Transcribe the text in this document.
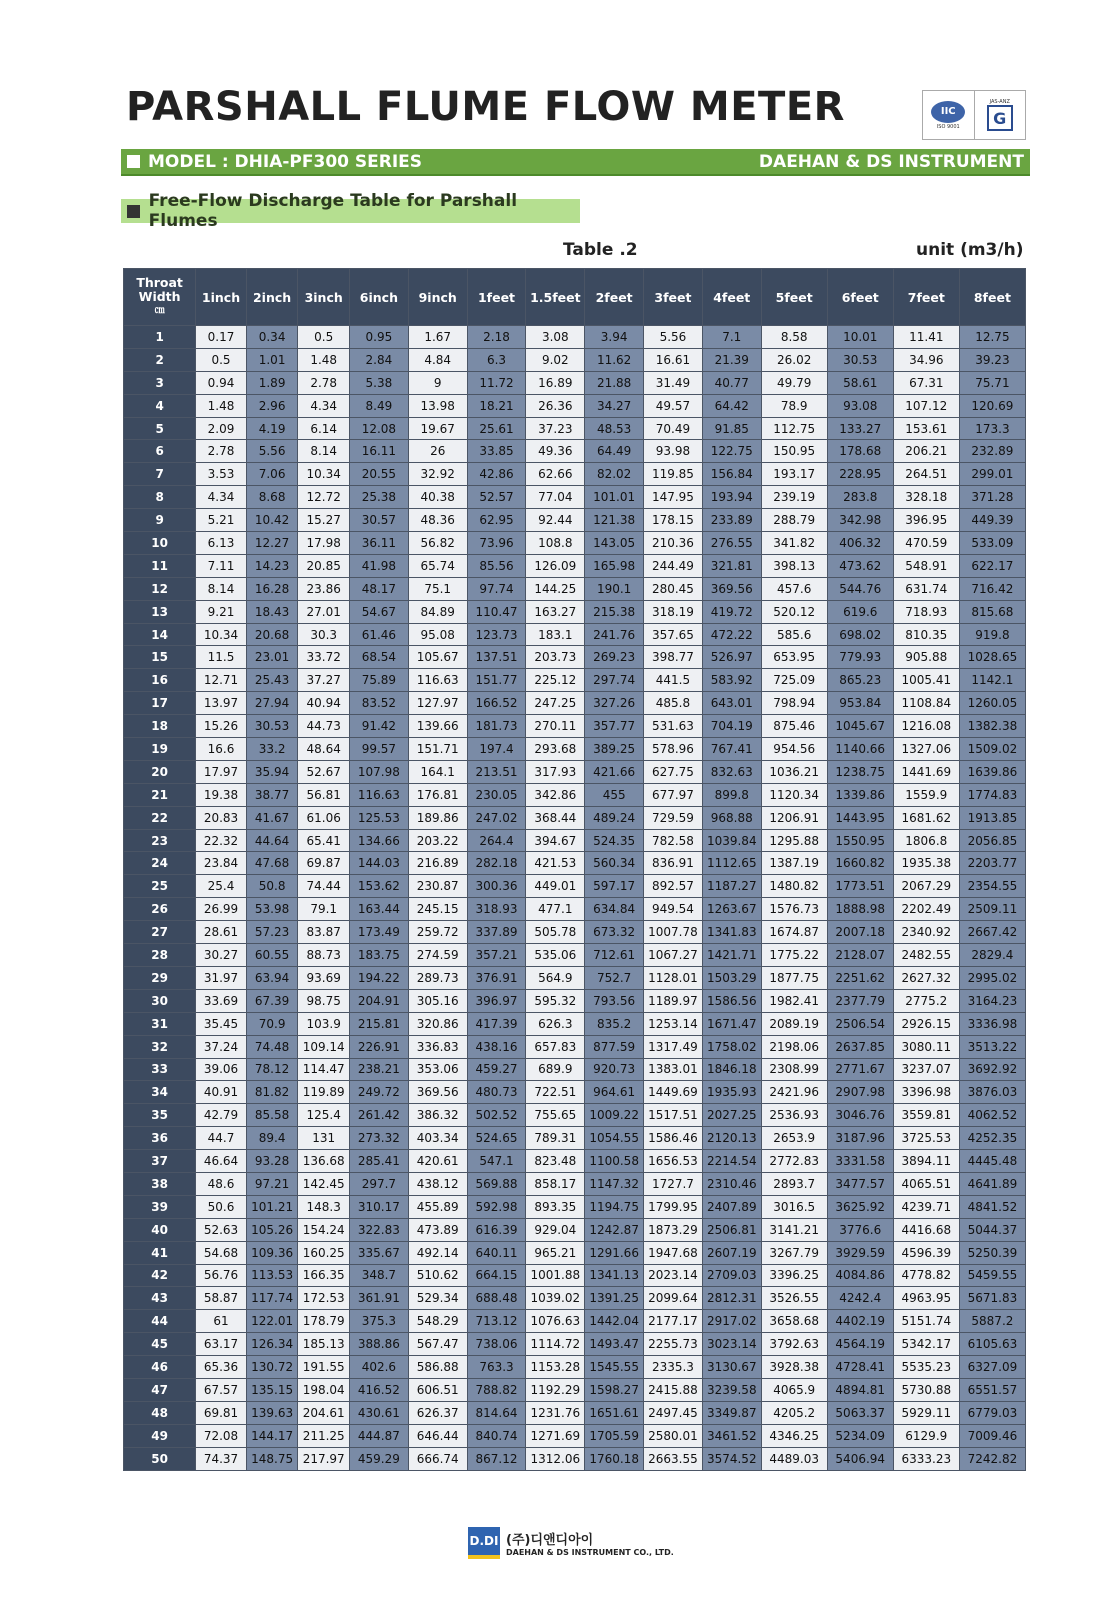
PARSHALL FLUME FLOW METER	IIC
ISO 9001
JAS-ANZ
G
MODEL : DHIA-PF300 SERIES	DAEHAN & DS INSTRUMENT
Free-Flow Discharge Table for Parshall Flumes
Table .2	unit (m3/h)
Throat
Width
㎝	1inch	2inch	3inch	6inch	9inch	1feet	1.5feet	2feet	3feet	4feet	5feet	6feet	7feet	8feet
1	0.17	0.34	0.5	0.95	1.67	2.18	3.08	3.94	5.56	7.1	8.58	10.01	11.41	12.75
2	0.5	1.01	1.48	2.84	4.84	6.3	9.02	11.62	16.61	21.39	26.02	30.53	34.96	39.23
3	0.94	1.89	2.78	5.38	9	11.72	16.89	21.88	31.49	40.77	49.79	58.61	67.31	75.71
4	1.48	2.96	4.34	8.49	13.98	18.21	26.36	34.27	49.57	64.42	78.9	93.08	107.12	120.69
5	2.09	4.19	6.14	12.08	19.67	25.61	37.23	48.53	70.49	91.85	112.75	133.27	153.61	173.3
6	2.78	5.56	8.14	16.11	26	33.85	49.36	64.49	93.98	122.75	150.95	178.68	206.21	232.89
7	3.53	7.06	10.34	20.55	32.92	42.86	62.66	82.02	119.85	156.84	193.17	228.95	264.51	299.01
8	4.34	8.68	12.72	25.38	40.38	52.57	77.04	101.01	147.95	193.94	239.19	283.8	328.18	371.28
9	5.21	10.42	15.27	30.57	48.36	62.95	92.44	121.38	178.15	233.89	288.79	342.98	396.95	449.39
10	6.13	12.27	17.98	36.11	56.82	73.96	108.8	143.05	210.36	276.55	341.82	406.32	470.59	533.09
11	7.11	14.23	20.85	41.98	65.74	85.56	126.09	165.98	244.49	321.81	398.13	473.62	548.91	622.17
12	8.14	16.28	23.86	48.17	75.1	97.74	144.25	190.1	280.45	369.56	457.6	544.76	631.74	716.42
13	9.21	18.43	27.01	54.67	84.89	110.47	163.27	215.38	318.19	419.72	520.12	619.6	718.93	815.68
14	10.34	20.68	30.3	61.46	95.08	123.73	183.1	241.76	357.65	472.22	585.6	698.02	810.35	919.8
15	11.5	23.01	33.72	68.54	105.67	137.51	203.73	269.23	398.77	526.97	653.95	779.93	905.88	1028.65
16	12.71	25.43	37.27	75.89	116.63	151.77	225.12	297.74	441.5	583.92	725.09	865.23	1005.41	1142.1
17	13.97	27.94	40.94	83.52	127.97	166.52	247.25	327.26	485.8	643.01	798.94	953.84	1108.84	1260.05
18	15.26	30.53	44.73	91.42	139.66	181.73	270.11	357.77	531.63	704.19	875.46	1045.67	1216.08	1382.38
19	16.6	33.2	48.64	99.57	151.71	197.4	293.68	389.25	578.96	767.41	954.56	1140.66	1327.06	1509.02
20	17.97	35.94	52.67	107.98	164.1	213.51	317.93	421.66	627.75	832.63	1036.21	1238.75	1441.69	1639.86
21	19.38	38.77	56.81	116.63	176.81	230.05	342.86	455	677.97	899.8	1120.34	1339.86	1559.9	1774.83
22	20.83	41.67	61.06	125.53	189.86	247.02	368.44	489.24	729.59	968.88	1206.91	1443.95	1681.62	1913.85
23	22.32	44.64	65.41	134.66	203.22	264.4	394.67	524.35	782.58	1039.84	1295.88	1550.95	1806.8	2056.85
24	23.84	47.68	69.87	144.03	216.89	282.18	421.53	560.34	836.91	1112.65	1387.19	1660.82	1935.38	2203.77
25	25.4	50.8	74.44	153.62	230.87	300.36	449.01	597.17	892.57	1187.27	1480.82	1773.51	2067.29	2354.55
26	26.99	53.98	79.1	163.44	245.15	318.93	477.1	634.84	949.54	1263.67	1576.73	1888.98	2202.49	2509.11
27	28.61	57.23	83.87	173.49	259.72	337.89	505.78	673.32	1007.78	1341.83	1674.87	2007.18	2340.92	2667.42
28	30.27	60.55	88.73	183.75	274.59	357.21	535.06	712.61	1067.27	1421.71	1775.22	2128.07	2482.55	2829.4
29	31.97	63.94	93.69	194.22	289.73	376.91	564.9	752.7	1128.01	1503.29	1877.75	2251.62	2627.32	2995.02
30	33.69	67.39	98.75	204.91	305.16	396.97	595.32	793.56	1189.97	1586.56	1982.41	2377.79	2775.2	3164.23
31	35.45	70.9	103.9	215.81	320.86	417.39	626.3	835.2	1253.14	1671.47	2089.19	2506.54	2926.15	3336.98
32	37.24	74.48	109.14	226.91	336.83	438.16	657.83	877.59	1317.49	1758.02	2198.06	2637.85	3080.11	3513.22
33	39.06	78.12	114.47	238.21	353.06	459.27	689.9	920.73	1383.01	1846.18	2308.99	2771.67	3237.07	3692.92
34	40.91	81.82	119.89	249.72	369.56	480.73	722.51	964.61	1449.69	1935.93	2421.96	2907.98	3396.98	3876.03
35	42.79	85.58	125.4	261.42	386.32	502.52	755.65	1009.22	1517.51	2027.25	2536.93	3046.76	3559.81	4062.52
36	44.7	89.4	131	273.32	403.34	524.65	789.31	1054.55	1586.46	2120.13	2653.9	3187.96	3725.53	4252.35
37	46.64	93.28	136.68	285.41	420.61	547.1	823.48	1100.58	1656.53	2214.54	2772.83	3331.58	3894.11	4445.48
38	48.6	97.21	142.45	297.7	438.12	569.88	858.17	1147.32	1727.7	2310.46	2893.7	3477.57	4065.51	4641.89
39	50.6	101.21	148.3	310.17	455.89	592.98	893.35	1194.75	1799.95	2407.89	3016.5	3625.92	4239.71	4841.52
40	52.63	105.26	154.24	322.83	473.89	616.39	929.04	1242.87	1873.29	2506.81	3141.21	3776.6	4416.68	5044.37
41	54.68	109.36	160.25	335.67	492.14	640.11	965.21	1291.66	1947.68	2607.19	3267.79	3929.59	4596.39	5250.39
42	56.76	113.53	166.35	348.7	510.62	664.15	1001.88	1341.13	2023.14	2709.03	3396.25	4084.86	4778.82	5459.55
43	58.87	117.74	172.53	361.91	529.34	688.48	1039.02	1391.25	2099.64	2812.31	3526.55	4242.4	4963.95	5671.83
44	61	122.01	178.79	375.3	548.29	713.12	1076.63	1442.04	2177.17	2917.02	3658.68	4402.19	5151.74	5887.2
45	63.17	126.34	185.13	388.86	567.47	738.06	1114.72	1493.47	2255.73	3023.14	3792.63	4564.19	5342.17	6105.63
46	65.36	130.72	191.55	402.6	586.88	763.3	1153.28	1545.55	2335.3	3130.67	3928.38	4728.41	5535.23	6327.09
47	67.57	135.15	198.04	416.52	606.51	788.82	1192.29	1598.27	2415.88	3239.58	4065.9	4894.81	5730.88	6551.57
48	69.81	139.63	204.61	430.61	626.37	814.64	1231.76	1651.61	2497.45	3349.87	4205.2	5063.37	5929.11	6779.03
49	72.08	144.17	211.25	444.87	646.44	840.74	1271.69	1705.59	2580.01	3461.52	4346.25	5234.09	6129.9	7009.46
50	74.37	148.75	217.97	459.29	666.74	867.12	1312.06	1760.18	2663.55	3574.52	4489.03	5406.94	6333.23	7242.82
D.DI (주)디앤디아이
DAEHAN & DS INSTRUMENT CO., LTD.
